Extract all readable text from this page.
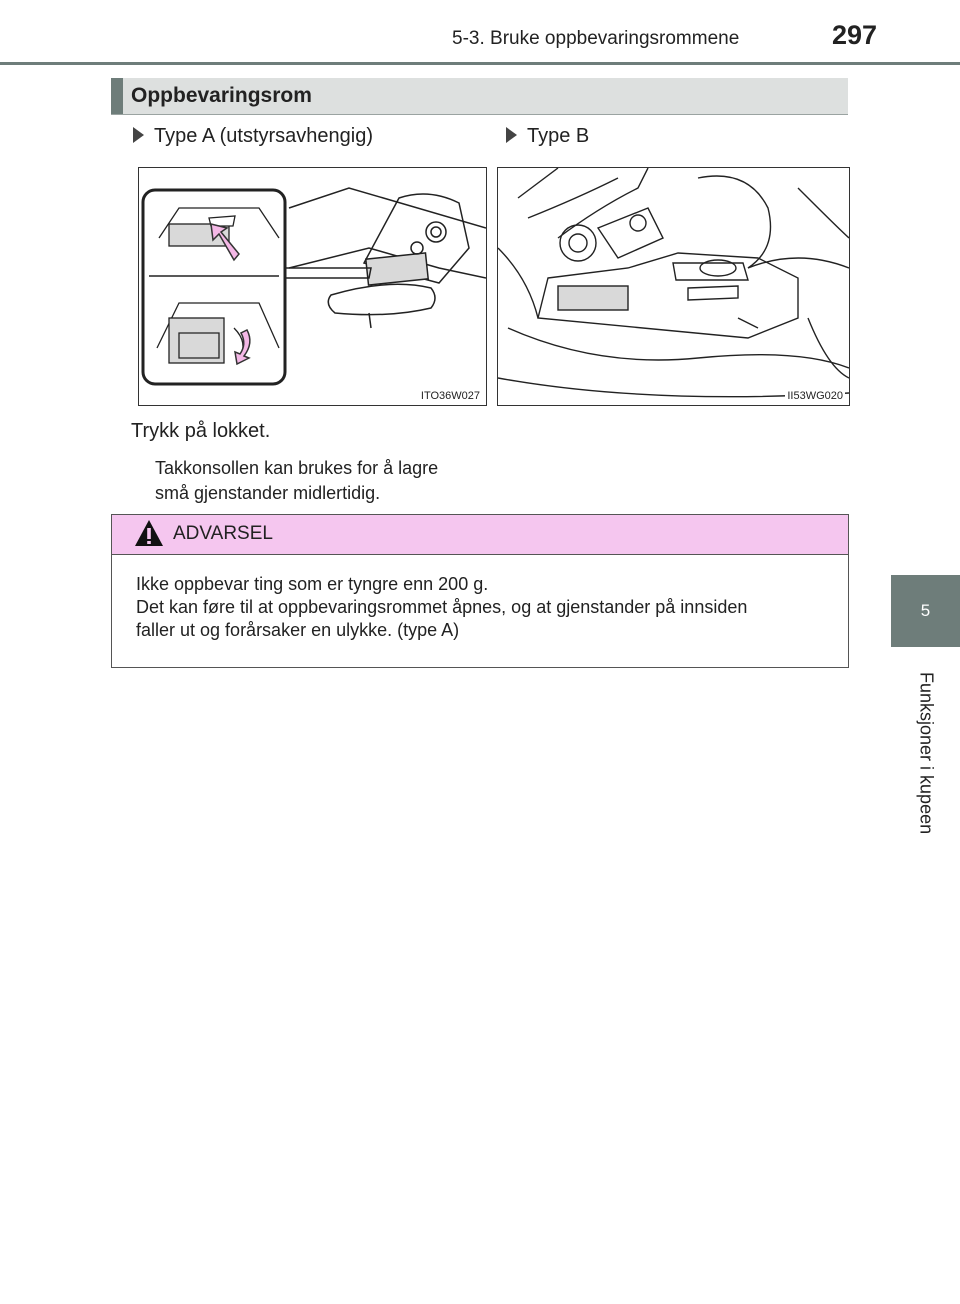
5-3. Bruke oppbevaringsrommene	297
5
Funksjoner i kupeen
Oppbevaringsrom
Type A (utstyrsavhengig)	Type B
ITO36W027	II53WG020
Trykk på lokket.
Takkonsollen kan brukes for å lagre
små gjenstander midlertidig.
ADVARSEL
Ikke oppbevar ting som er tyngre enn 200 g.
Det kan føre til at oppbevaringsrommet åpnes, og at gjenstander på innsiden
faller ut og forårsaker en ulykke. (type A)
